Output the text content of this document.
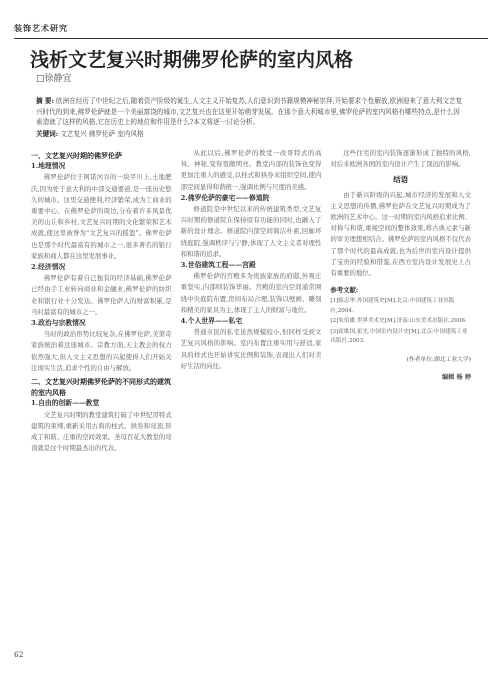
装饰艺术研究
浅析文艺复兴时期佛罗伦萨的室内风格
□徐静宜
摘 要: 欧洲在经历了中世纪之后,随着资产阶级的诞生,人文主义开始复苏,人们意识到书籍规模神秘崇拜,开始要求个性解放,欧洲迎来了意大利文艺复兴时代的到来,佛罗伦萨就是一个美丽富饶的城市,文艺复兴也在这里开始萌芽发展。在那个意大利城市里,佛罗伦萨的室内风格有哪些特点,是什么因素造就了这样的风格,它在历史上的地位和作用是什么?本文将逐一讨论分析。
关键词: 文艺复兴 佛罗伦萨 室内风格
一、文艺复兴时期的佛罗伦萨
1.地理情况

佛罗伦萨位于阿诺河谷的一块平川上,土地肥沃,因为处于意大利的中部交通要道,是一座历史悠久的城市。这里交通便利,经济繁荣,成为工商业的重要中心。在佛罗伦萨的周边,分布着许多风景优美的山丘和乡村,文艺复兴时期的文化繁荣和艺术成就,使这里被誉为"文艺复兴的摇篮"。佛罗伦萨也是那个时代最富有的城市之一,很多著名的银行家族和商人都在这里发展事业。

2.经济情况

佛罗伦萨有着自己独有的经济基础,佛罗伦萨已经由手工业转向商业和金融业,佛罗伦萨的纺织业和银行业十分发达。佛罗伦萨人的财富积累,是当时最富有的城市之一。

3.政治与宗教情况

当时的政治形势比较复杂,在佛罗伦萨,美第奇家族统治着这座城市。宗教方面,天主教会的权力依然强大,但人文主义思想的兴起使得人们开始关注现实生活,追求个性的自由与解放。

二、文艺复兴时期佛罗伦萨的不同形式的建筑的室内风格
1.自由的创新——教堂

文艺复兴时期的教堂建筑打破了中世纪哥特式建筑的束缚,重新采用古典的柱式、拱券和穹顶,形成了和谐、庄重的空间效果。圣母百花大教堂的穹顶就是这个时期最杰出的代表。

从此以后,佛罗伦萨的教堂一改哥特式的高耸、神秘,变得宽敞明亮。教堂内部的装饰也变得更加注重人的感受,以柱式和拱券来组织空间,使内部空间显得和谐统一,强调比例与尺度的美感。

2.佛罗伦萨的豪宅——修道院

修道院是中世纪以来的传统建筑类型,文艺复兴时期的修道院在保持原有功能的同时,也融入了新的设计理念。修道院内部空间简洁朴素,回廊环绕庭院,强调秩序与宁静,体现了人文主义者对理性和和谐的追求。

3.世俗建筑工程——宫殿

佛罗伦萨的宫殿多为贵族家族的府邸,外观庄重坚实,内部则装饰华丽。宫殿的室内空间通常围绕中央庭院布置,房间布局合理,装饰以壁画、雕刻和精美的家具为主,体现了主人的财富与地位。

4.个人世界——私宅

普通市民的私宅虽然规模较小,但同样受到文艺复兴风格的影响。室内布置注重实用与舒适,家具的样式也开始讲究比例和装饰,表现出人们对美好生活的向往。

这些住宅的室内装饰逐渐形成了独特的风格,对后来欧洲各国的室内设计产生了深远的影响。

结语

由于新兴阶级的兴起,城市经济的发展和人文主义思想的传播,佛罗伦萨在文艺复兴时期成为了欧洲的艺术中心。这一时期的室内风格追求比例、对称与和谐,重视空间的整体效果,将古典元素与新的审美理想相结合。佛罗伦萨的室内风格不仅代表了那个时代的最高成就,也为后世的室内设计提供了宝贵的经验和借鉴,在西方室内设计发展史上占有重要的地位。

参考文献:
[1]陈志华.外国建筑史[M].北京:中国建筑工业出版社,2004.
[2]朱伯雄.世界美术史[M].济南:山东美术出版社,2006.
[3]霍维国,霍光.中国室内设计史[M].北京:中国建筑工业出版社,2003.
(作者单位:湖北工业大学)
编辑 杨 婷
62
